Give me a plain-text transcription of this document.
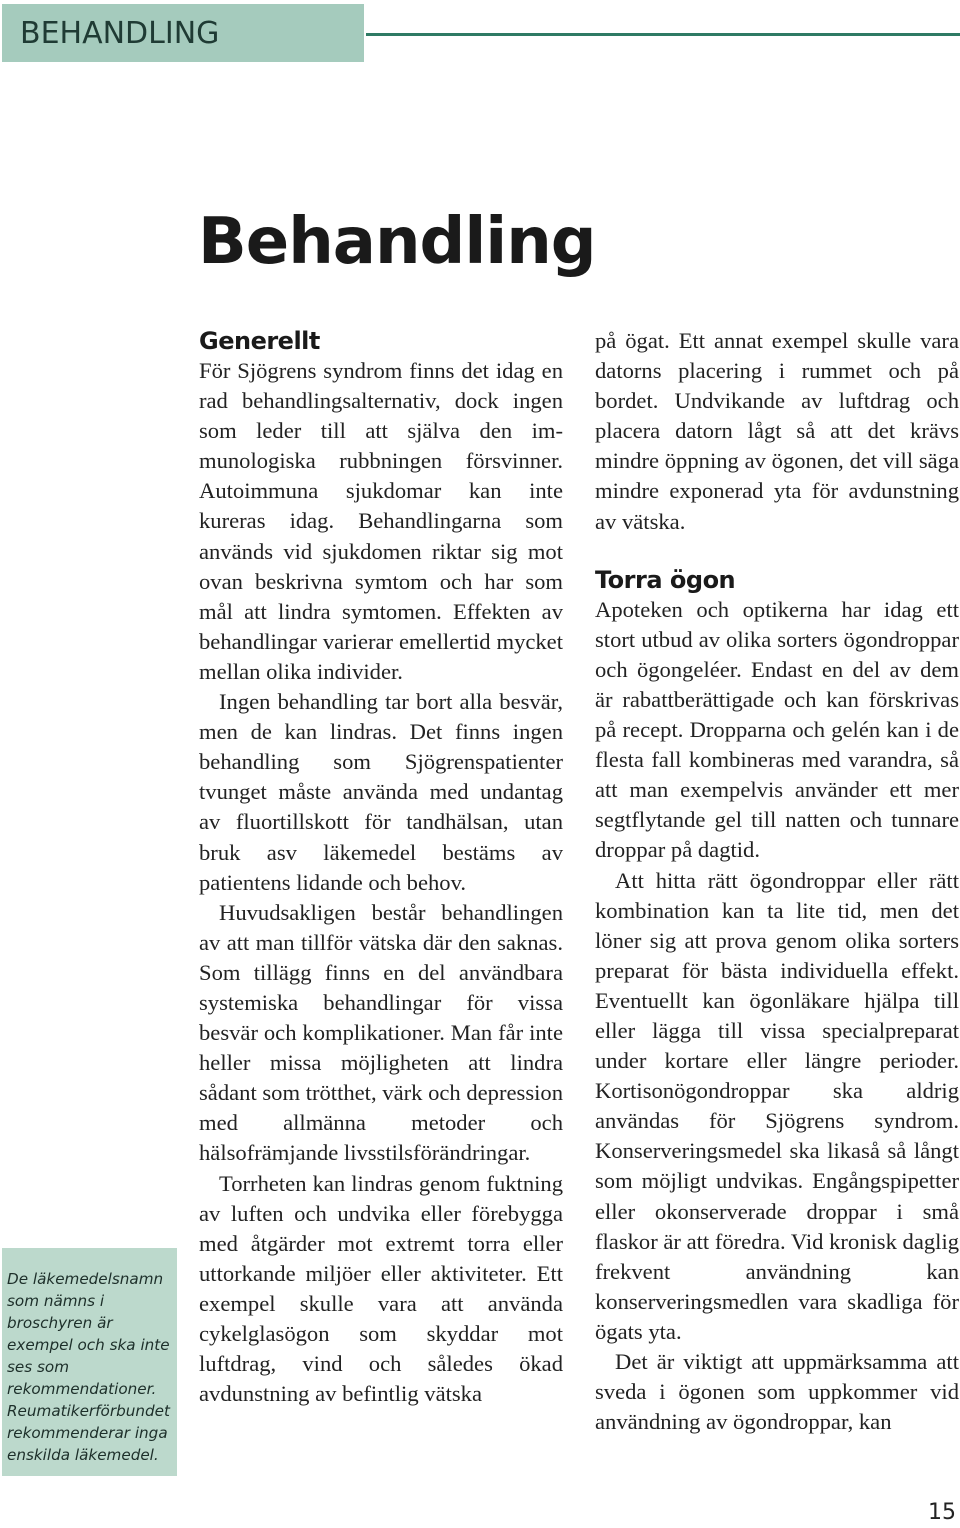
BEHANDLING
Behandling
Generellt

För Sjögrens syndrom finns det idag en rad behandlingsalternativ, dock ingen som leder till att själva den immunologiska rubbningen försvinner. Autoimmuna sjukdomar kan inte kureras idag. Behandlingarna som används vid sjukdomen riktar sig mot ovan beskrivna symtom och har som mål att lindra symtomen. Effekten av behandlingar varierar emellertid mycket mellan olika individer.

Ingen behandling tar bort alla besvär, men de kan lindras. Det finns ingen behandling som Sjögrenspatienter tvunget måste använda med undantag av fluortillskott för tandhälsan, utan bruk asv läkemedel bestäms av patientens lidande och behov.

Huvudsakligen består behandlingen av att man tillför vätska där den saknas. Som tillägg finns en del användbara systemiska behandlingar för vissa besvär och komplikationer. Man får inte heller missa möjligheten att lindra sådant som trötthet, värk och depression med allmänna metoder och hälsofrämjande livsstilsförändringar.

Torrheten kan lindras genom fuktning av luften och undvika eller förebygga med åtgärder mot extremt torra eller uttorkande miljöer eller aktiviteter. Ett exempel skulle vara att använda cykelglasögon som skyddar mot luftdrag, vind och således ökad avdunstning av befintlig vätska

på ögat. Ett annat exempel skulle vara datorns placering i rummet och på bordet. Undvikande av luftdrag och placera datorn lågt så att det krävs mindre öppning av ögonen, det vill säga mindre exponerad yta för avdunstning av vätska.

Torra ögon

Apoteken och optikerna har idag ett stort utbud av olika sorters ögondroppar och ögongeléer. Endast en del av dem är rabattberättigade och kan förskrivas på recept. Dropparna och gelén kan i de flesta fall kombineras med varandra, så att man exempelvis använder ett mer segtflytande gel till natten och tunnare droppar på dagtid.

Att hitta rätt ögondroppar eller rätt kombination kan ta lite tid, men det löner sig att prova genom olika sorters preparat för bästa individuella effekt. Eventuellt kan ögonläkare hjälpa till eller lägga till vissa specialpreparat under kortare eller längre perioder. Kortisonögondroppar ska aldrig användas för Sjögrens syndrom. Konserveringsmedel ska likaså så långt som möjligt undvikas. Engångspipetter eller okonserverade droppar i små flaskor är att föredra. Vid kronisk daglig frekvent användning kan konserveringsmedlen vara skadliga för ögats yta.

Det är viktigt att uppmärksamma att sveda i ögonen som uppkommer vid användning av ögondroppar, kan

De läkemedelsnamn som nämns i broschyren är exempel och ska inte ses som rekommendationer. Reumatikerförbundet rekommenderar inga enskilda läkemedel.
15
